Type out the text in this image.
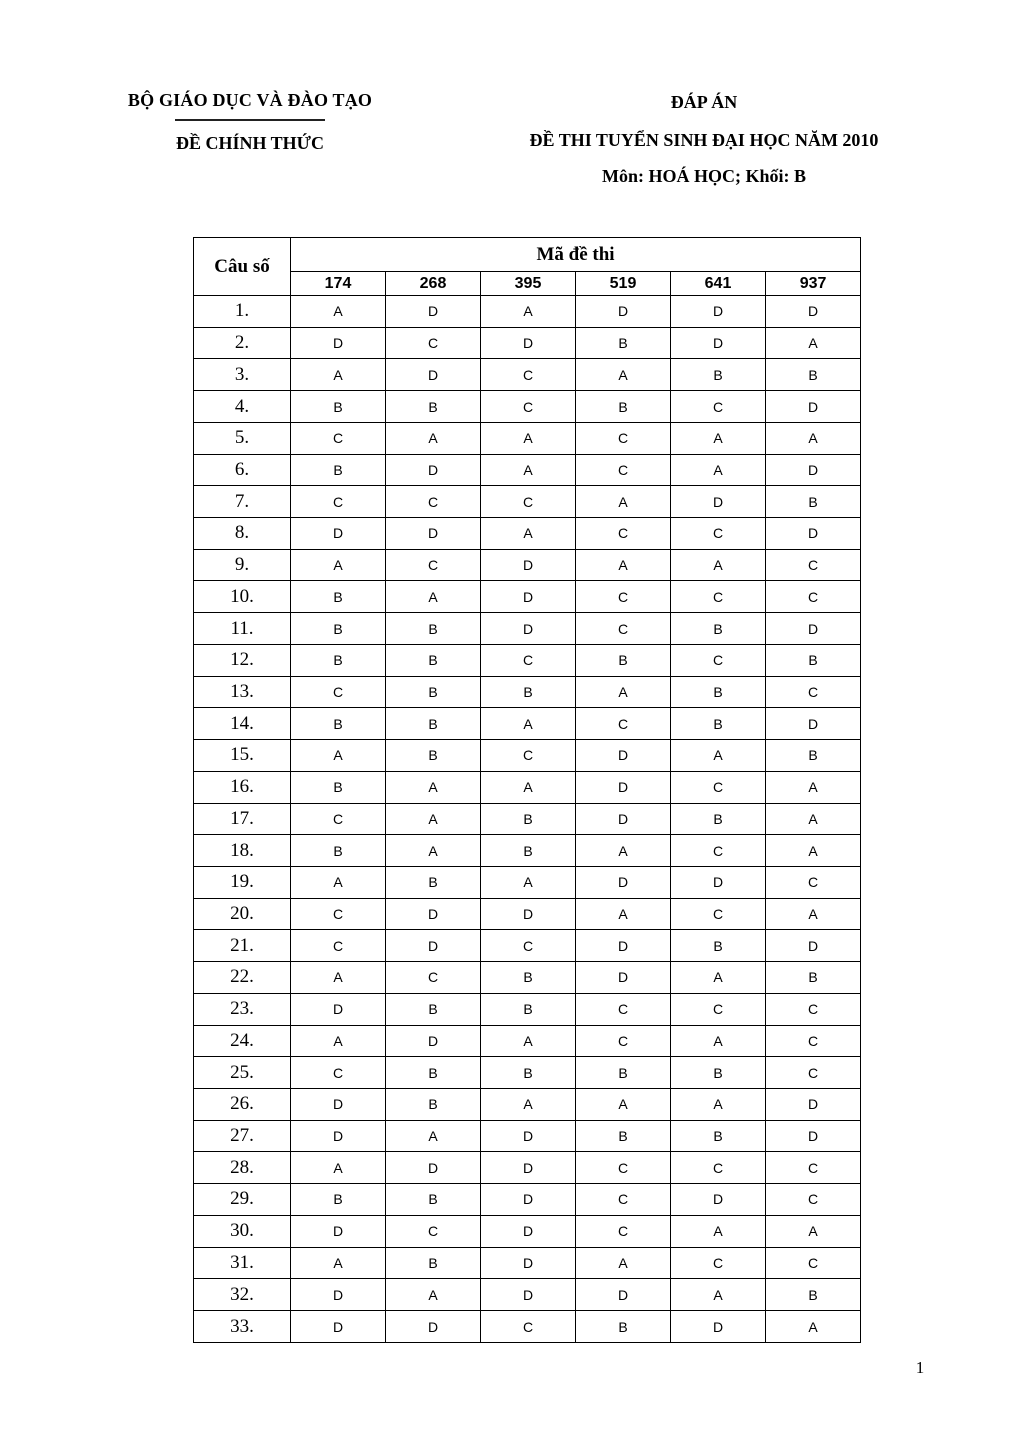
BỘ GIÁO DỤC VÀ ĐÀO TẠO
ĐỀ CHÍNH THỨC
ĐÁP ÁN
ĐỀ THI TUYỂN SINH ĐẠI HỌC NĂM 2010
Môn: HOÁ HỌC; Khối: B
Câu số	Mã đề thi					
	174	268	395	519	641	937
1.	A	D	A	D	D	D
2.	D	C	D	B	D	A
3.	A	D	C	A	B	B
4.	B	B	C	B	C	D
5.	C	A	A	C	A	A
6.	B	D	A	C	A	D
7.	C	C	C	A	D	B
8.	D	D	A	C	C	D
9.	A	C	D	A	A	C
10.	B	A	D	C	C	C
11.	B	B	D	C	B	D
12.	B	B	C	B	C	B
13.	C	B	B	A	B	C
14.	B	B	A	C	B	D
15.	A	B	C	D	A	B
16.	B	A	A	D	C	A
17.	C	A	B	D	B	A
18.	B	A	B	A	C	A
19.	A	B	A	D	D	C
20.	C	D	D	A	C	A
21.	C	D	C	D	B	D
22.	A	C	B	D	A	B
23.	D	B	B	C	C	C
24.	A	D	A	C	A	C
25.	C	B	B	B	B	C
26.	D	B	A	A	A	D
27.	D	A	D	B	B	D
28.	A	D	D	C	C	C
29.	B	B	D	C	D	C
30.	D	C	D	C	A	A
31.	A	B	D	A	C	C
32.	D	A	D	D	A	B
33.	D	D	C	B	D	A
1
